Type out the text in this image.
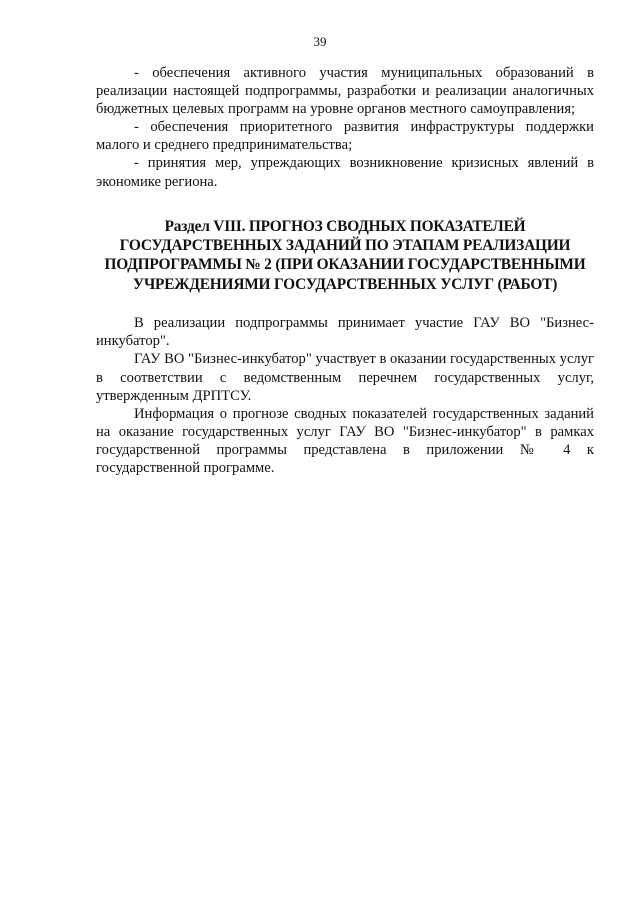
39

- обеспечения активного участия муниципальных образований в реализации настоящей подпрограммы, разработки и реализации аналогичных бюджетных целевых программ на уровне органов местного самоуправления;

- обеспечения приоритетного развития инфраструктуры поддержки малого и среднего предпринимательства;

- принятия мер, упреждающих возникновение кризисных явлений в экономике региона.

Раздел VIII. ПРОГНОЗ СВОДНЫХ ПОКАЗАТЕЛЕЙ ГОСУДАРСТВЕННЫХ ЗАДАНИЙ ПО ЭТАПАМ РЕАЛИЗАЦИИ ПОДПРОГРАММЫ № 2 (ПРИ ОКАЗАНИИ ГОСУДАРСТВЕННЫМИ УЧРЕЖДЕНИЯМИ ГОСУДАРСТВЕННЫХ УСЛУГ (РАБОТ)

В реализации подпрограммы принимает участие ГАУ ВО "Бизнес-инкубатор".

ГАУ ВО "Бизнес-инкубатор" участвует в оказании государственных услуг в соответствии с ведомственным перечнем государственных услуг, утвержденным ДРПТСУ.

Информация о прогнозе сводных показателей государственных заданий на оказание государственных услуг ГАУ ВО "Бизнес-инкубатор" в рамках государственной программы представлена в приложении № 4 к государственной программе.
